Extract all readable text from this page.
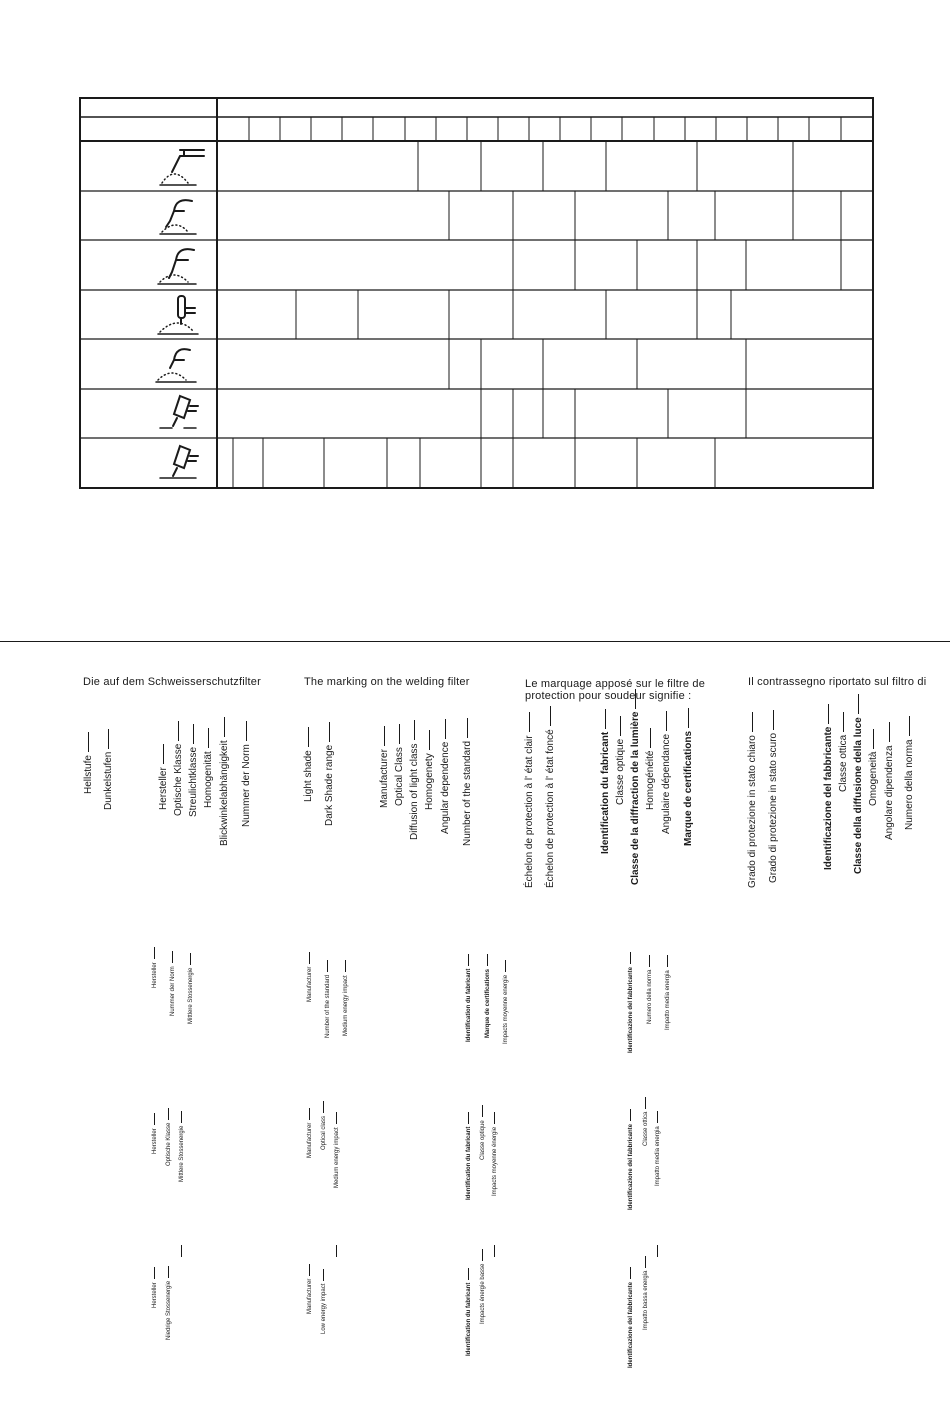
Die auf dem Schweisserschutzfilter	The marking on the welding filter	Le marquage apposé sur le filtre de
protection pour soudeur signifie :
Il contrassegno riportato sul filtro di
Hellstufe Dunkelstufen	Hersteller Optische Klasse Streulichtklasse Homogenität Blickwinkelabhängigkeit Nummer der Norm	Light shade Dark Shade range	Manufacturer Optical Class Diffusion of light class Homogenety Angular dependence Number of the standard	Échelon de protection à l' état clair Échelon de protection à l' état foncé	Identification du fabricant Classe optique Classe de la diffraction de la lumière Homogénéité Angulaire dépendance Marque de certifications	Grado di protezione in stato chiaro Grado di protezione in stato scuro	Identificazione del fabbricante Classe ottica Classe della diffusione della luce Omogeneità Angolare dipendenza Numero della norma
Hersteller Nummer der Norm Mittlere Stossenergie	Manufacturer Number of the standard Medium energy impact	Identification du fabricant Marque de certifications Impacts moyenne energie	Identificazione del fabbricante Numero della norma Impatto media energia
Hersteller Optische Klasse Mittlere Stossenergie	Manufacturer Optical class Medium energy impact	Identification du fabricant Classe optique Impacts moyenne énergie	Identificazione del fabbricante Classe ottica Impatto media energia
Hersteller Niedrige Stossenergie	Manufacturer Low energy impact	Identification du fabricant Impacts énergie basse	Identificazione del fabbricante Impatto bassa energia
